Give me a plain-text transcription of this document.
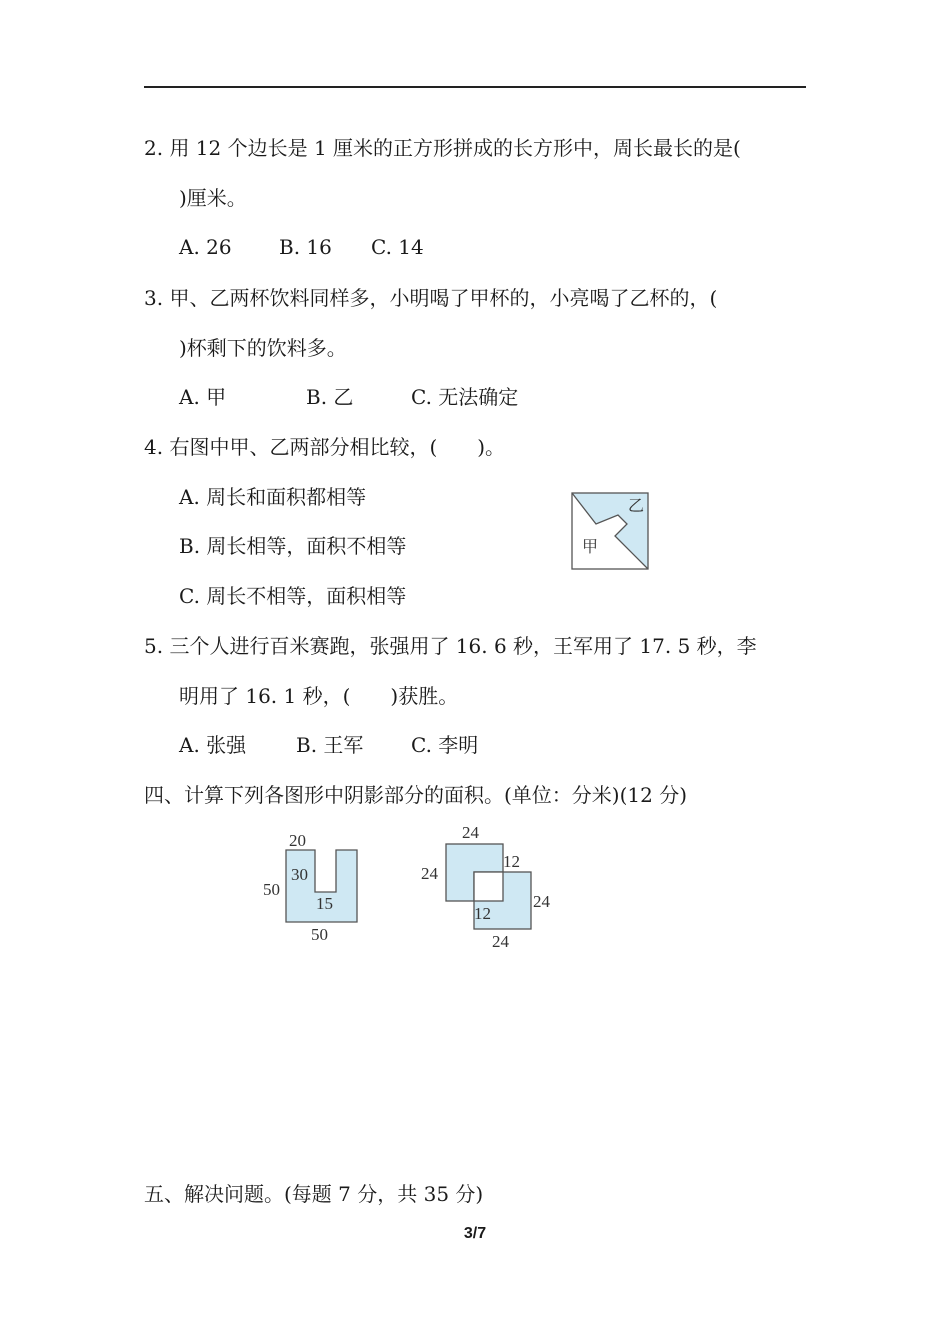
2. 用 12 个边长是 1 厘米的正方形拼成的长方形中，周长最长的是(
)厘米。
A. 26 B. 16 C. 14
3. 甲、乙两杯饮料同样多，小明喝了甲杯的，小亮喝了乙杯的，(
)杯剩下的饮料多。
A. 甲	B. 乙	C. 无法确定
4. 右图中甲、乙两部分相比较，(　　)。
A. 周长和面积都相等
B. 周长相等，面积不相等
C. 周长不相等，面积相等
甲
乙
5. 三个人进行百米赛跑，张强用了 16. 6 秒，王军用了 17. 5 秒，李
明用了 16. 1 秒，(　　)获胜。
A. 张强 B. 王军 C. 李明
四、计算下列各图形中阴影部分的面积。(单位：分米)(12 分)
20
50
30
15
50
24
24
12
12
24
24
五、解决问题。(每题 7 分，共 35 分)
3/7
